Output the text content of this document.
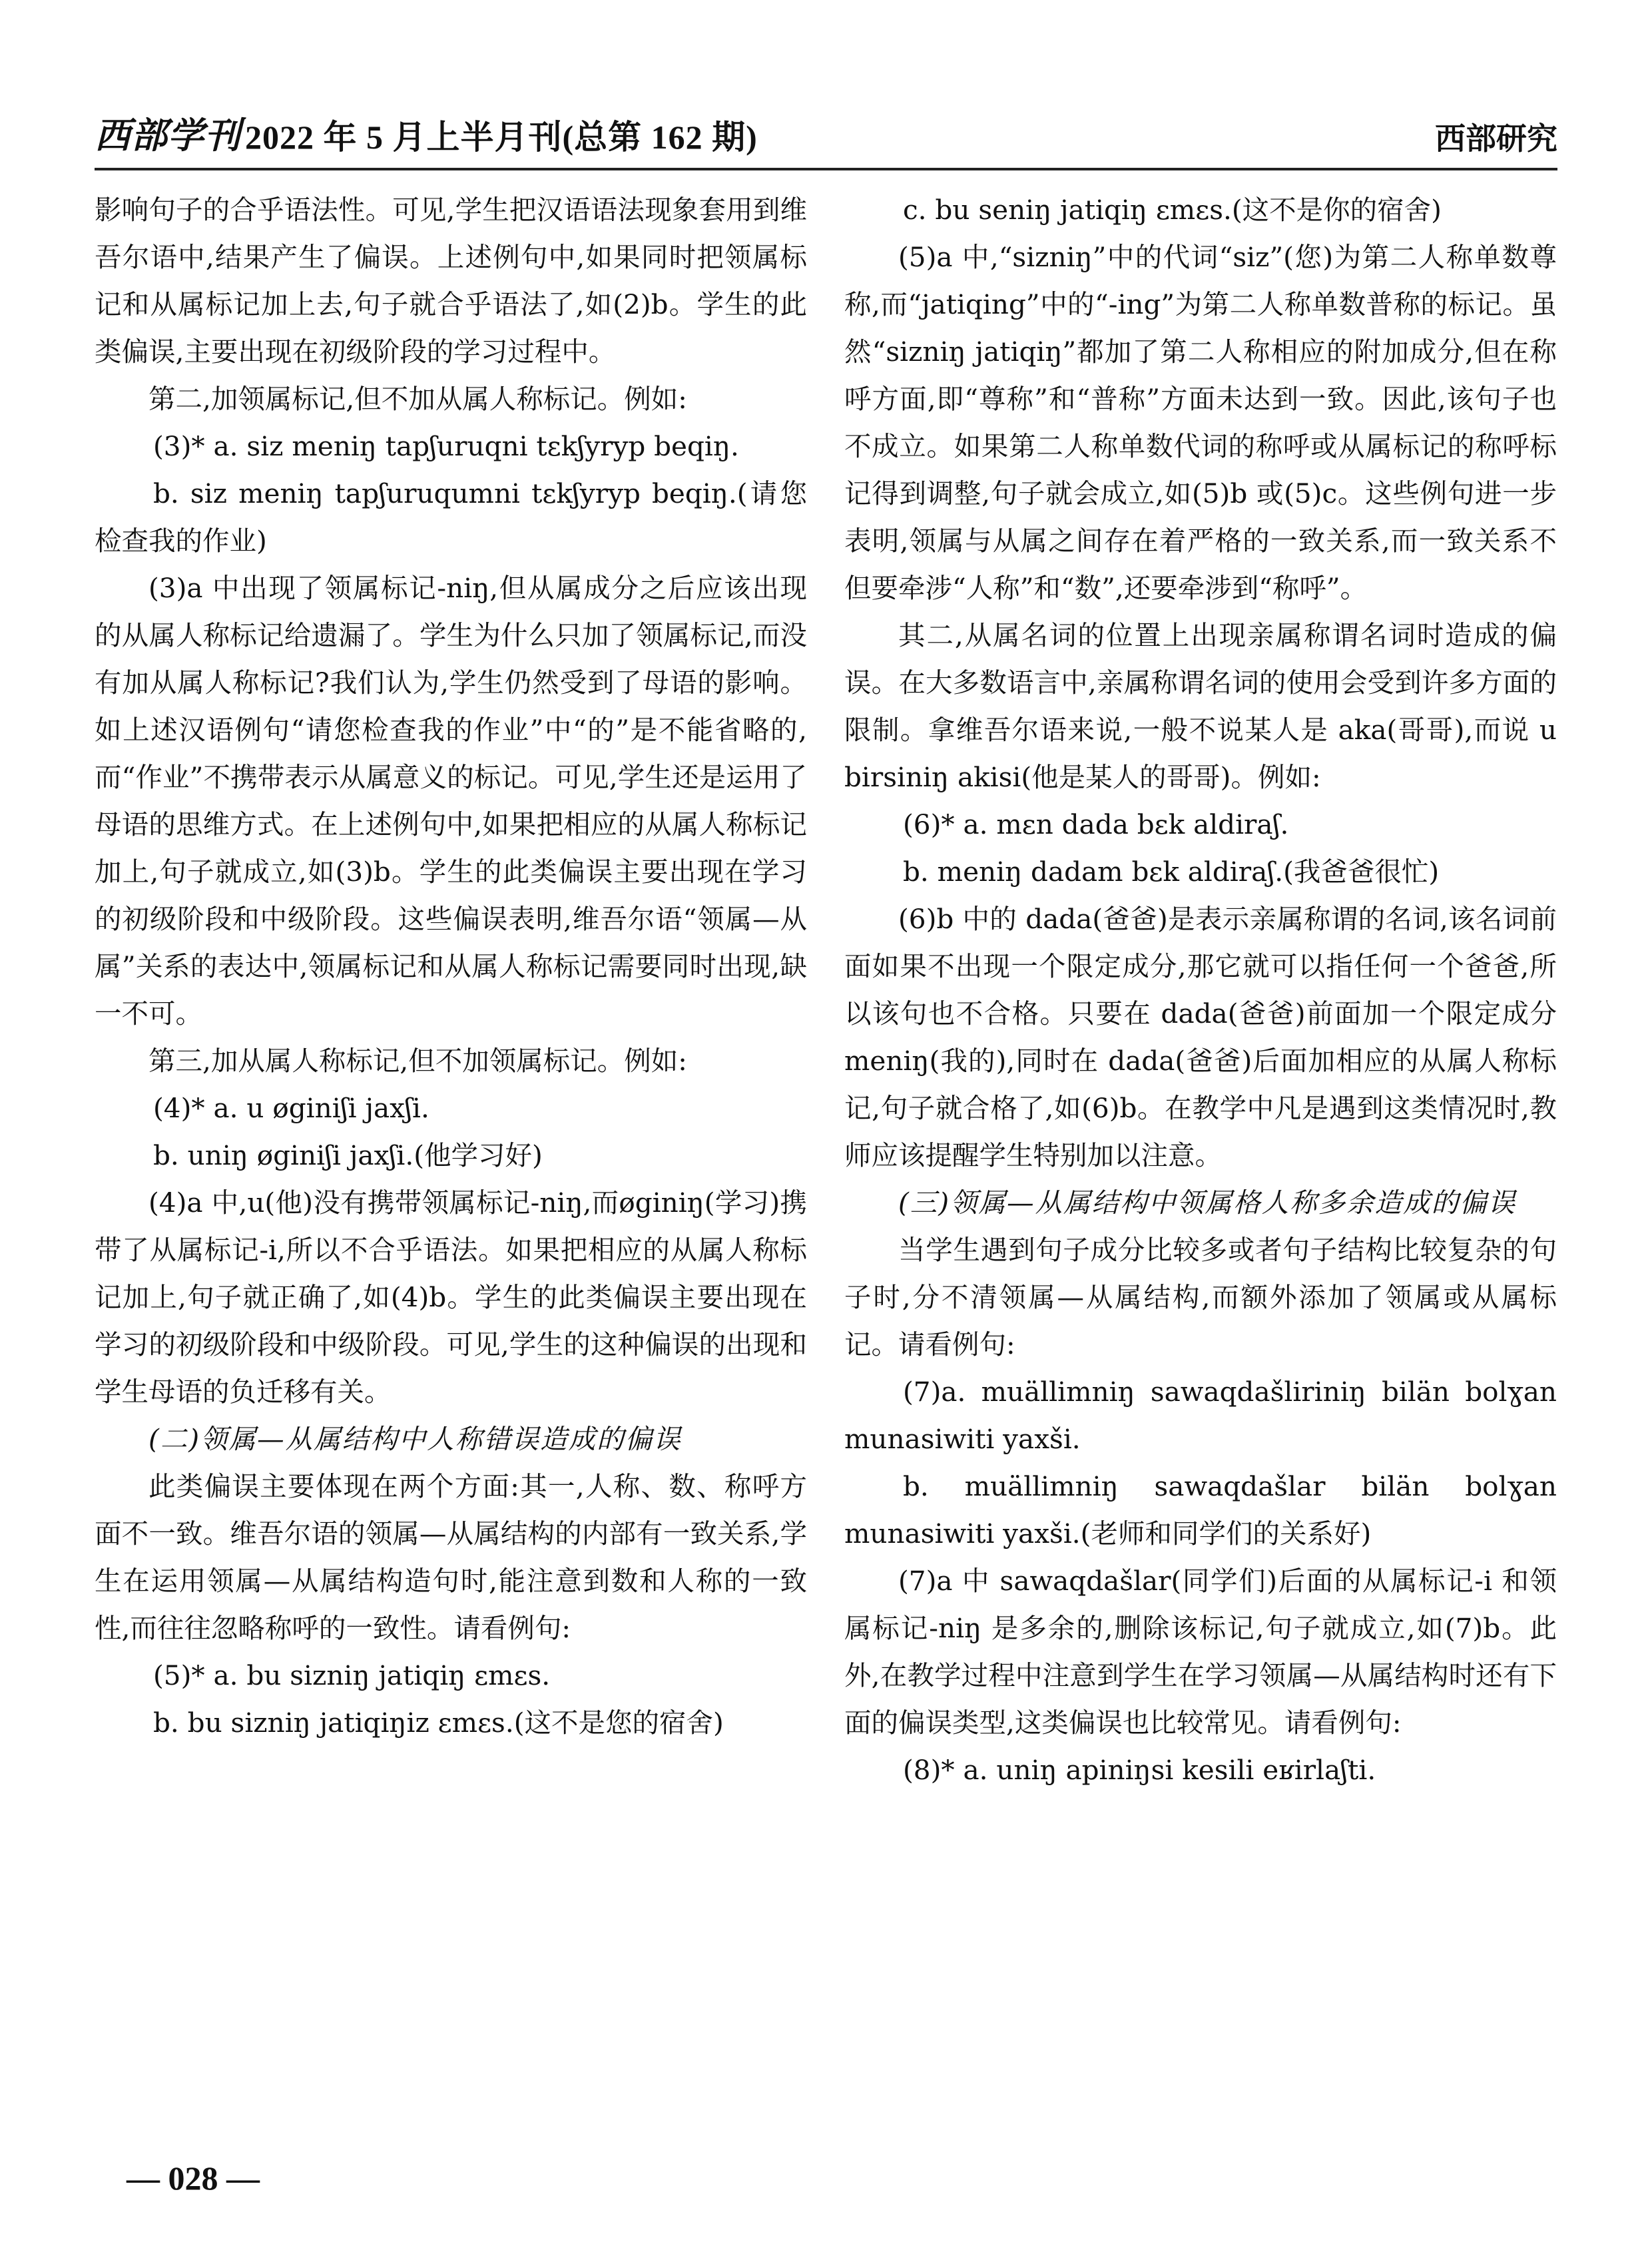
西部学刊 2022 年 5 月上半月刊(总第 162 期)	西部研究

影响句子的合乎语法性。可见,学生把汉语语法现象套用到维吾尔语中,结果产生了偏误。上述例句中,如果同时把领属标记和从属标记加上去,句子就合乎语法了,如(2)b。学生的此类偏误,主要出现在初级阶段的学习过程中。

第二,加领属标记,但不加从属人称标记。例如:

(3)* a. siz meniŋ tapʃuruqni tɛkʃyryp beqiŋ.

b. siz meniŋ tapʃuruqumni tɛkʃyryp beqiŋ.(请您检查我的作业)

(3)a 中出现了领属标记-niŋ,但从属成分之后应该出现的从属人称标记给遗漏了。学生为什么只加了领属标记,而没有加从属人称标记?我们认为,学生仍然受到了母语的影响。如上述汉语例句“请您检查我的作业”中“的”是不能省略的,而“作业”不携带表示从属意义的标记。可见,学生还是运用了母语的思维方式。在上述例句中,如果把相应的从属人称标记加上,句子就成立,如(3)b。学生的此类偏误主要出现在学习的初级阶段和中级阶段。这些偏误表明,维吾尔语“领属—从属”关系的表达中,领属标记和从属人称标记需要同时出现,缺一不可。

第三,加从属人称标记,但不加领属标记。例如:

(4)* a. u øginiʃi jaxʃi.

b. uniŋ øginiʃi jaxʃi.(他学习好)

(4)a 中,u(他)没有携带领属标记-niŋ,而øginiŋ(学习)携带了从属标记-i,所以不合乎语法。如果把相应的从属人称标记加上,句子就正确了,如(4)b。学生的此类偏误主要出现在学习的初级阶段和中级阶段。可见,学生的这种偏误的出现和学生母语的负迁移有关。

(二)领属—从属结构中人称错误造成的偏误

此类偏误主要体现在两个方面:其一,人称、数、称呼方面不一致。维吾尔语的领属—从属结构的内部有一致关系,学生在运用领属—从属结构造句时,能注意到数和人称的一致性,而往往忽略称呼的一致性。请看例句:

(5)* a. bu sizniŋ jatiqiŋ ɛmɛs.

b. bu sizniŋ jatiqiŋiz ɛmɛs.(这不是您的宿舍)

c. bu seniŋ jatiqiŋ ɛmɛs.(这不是你的宿舍)

(5)a 中,“sizniŋ”中的代词“siz”(您)为第二人称单数尊称,而“jatiqing”中的“-ing”为第二人称单数普称的标记。虽然“sizniŋ jatiqiŋ”都加了第二人称相应的附加成分,但在称呼方面,即“尊称”和“普称”方面未达到一致。因此,该句子也不成立。如果第二人称单数代词的称呼或从属标记的称呼标记得到调整,句子就会成立,如(5)b 或(5)c。这些例句进一步表明,领属与从属之间存在着严格的一致关系,而一致关系不但要牵涉“人称”和“数”,还要牵涉到“称呼”。

其二,从属名词的位置上出现亲属称谓名词时造成的偏误。在大多数语言中,亲属称谓名词的使用会受到许多方面的限制。拿维吾尔语来说,一般不说某人是 aka(哥哥),而说 u birsiniŋ akisi(他是某人的哥哥)。例如:

(6)* a. mɛn dada bɛk aldiraʃ.

b. meniŋ dadam bɛk aldiraʃ.(我爸爸很忙)

(6)b 中的 dada(爸爸)是表示亲属称谓的名词,该名词前面如果不出现一个限定成分,那它就可以指任何一个爸爸,所以该句也不合格。只要在 dada(爸爸)前面加一个限定成分 meniŋ(我的),同时在 dada(爸爸)后面加相应的从属人称标记,句子就合格了,如(6)b。在教学中凡是遇到这类情况时,教师应该提醒学生特别加以注意。

(三)领属—从属结构中领属格人称多余造成的偏误

当学生遇到句子成分比较多或者句子结构比较复杂的句子时,分不清领属—从属结构,而额外添加了领属或从属标记。请看例句:

(7)a. muällimniŋ sawaqdašliriniŋ bilän bolɣan munasiwiti yaxši.

b. muällimniŋ sawaqdašlar bilän bolɣan munasiwiti yaxši.(老师和同学们的关系好)

(7)a 中 sawaqdašlar(同学们)后面的从属标记-i 和领属标记-niŋ 是多余的,删除该标记,句子就成立,如(7)b。此外,在教学过程中注意到学生在学习领属—从属结构时还有下面的偏误类型,这类偏误也比较常见。请看例句:

(8)* a. uniŋ apiniŋsi kesili eʁirlaʃti.

— 028 —
